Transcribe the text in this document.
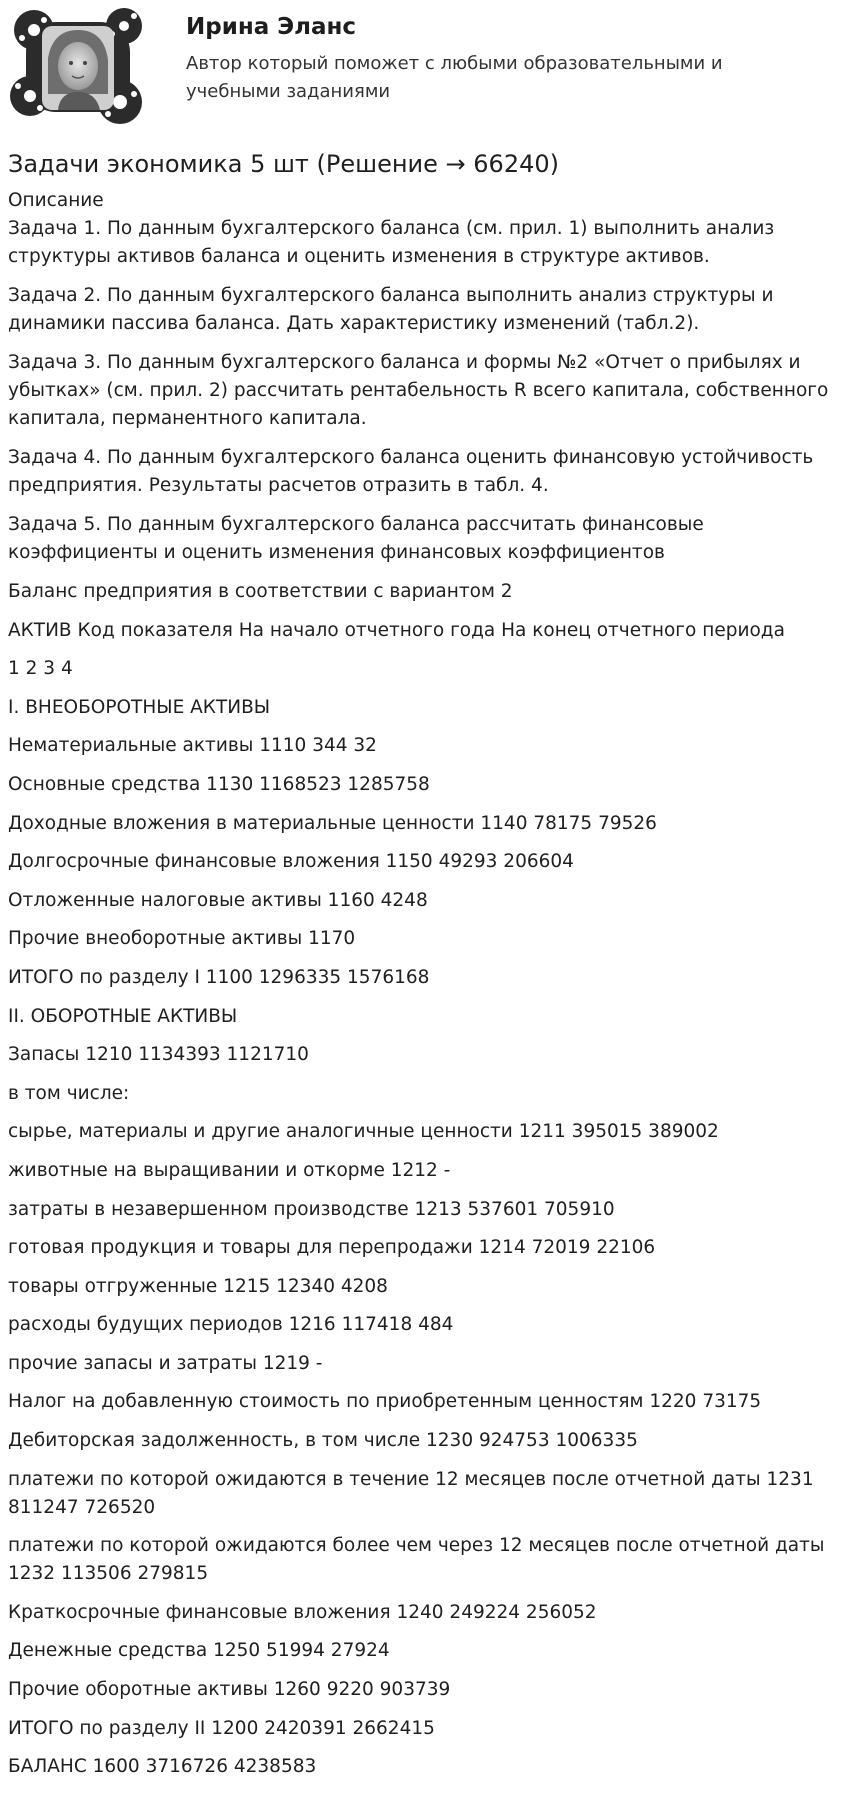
Ирина Эланс
Автор который поможет с любыми образовательными и учебными заданиями
Задачи экономика 5 шт (Решение → 66240)
Описание
Задача 1. По данным бухгалтерского баланса (см. прил. 1) выполнить анализ структуры активов баланса и оценить изменения в структуре активов.
Задача 2. По данным бухгалтерского баланса выполнить анализ структуры и динамики пассива баланса. Дать характеристику изменений (табл.2).
Задача 3. По данным бухгалтерского баланса и формы №2 «Отчет о прибылях и убытках» (см. прил. 2) рассчитать рентабельность R всего капитала, собственного капитала, перманентного капитала.
Задача 4. По данным бухгалтерского баланса оценить финансовую устойчивость предприятия. Результаты расчетов отразить в табл. 4.
Задача 5. По данным бухгалтерского баланса рассчитать финансовые коэффициенты и оценить изменения финансовых коэффициентов
Баланс предприятия в соответствии с вариантом 2
АКТИВ Код показателя На начало отчетного года На конец отчетного периода
1 2 3 4
I. ВНЕОБОРОТНЫЕ АКТИВЫ
Нематериальные активы 1110 344 32
Основные средства 1130 1168523 1285758
Доходные вложения в материальные ценности 1140 78175 79526
Долгосрочные финансовые вложения 1150 49293 206604
Отложенные налоговые активы 1160 4248
Прочие внеоборотные активы 1170
ИТОГО по разделу I 1100 1296335 1576168
II. ОБОРОТНЫЕ АКТИВЫ
Запасы 1210 1134393 1121710
в том числе:
сырье, материалы и другие аналогичные ценности 1211 395015 389002
животные на выращивании и откорме 1212 -
затраты в незавершенном производстве 1213 537601 705910
готовая продукция и товары для перепродажи 1214 72019 22106
товары отгруженные 1215 12340 4208
расходы будущих периодов 1216 117418 484
прочие запасы и затраты 1219 -
Налог на добавленную стоимость по приобретенным ценностям 1220 73175
Дебиторская задолженность, в том числе 1230 924753 1006335
платежи по которой ожидаются в течение 12 месяцев после отчетной даты 1231 811247 726520
платежи по которой ожидаются более чем через 12 месяцев после отчетной даты 1232 113506 279815
Краткосрочные финансовые вложения 1240 249224 256052
Денежные средства 1250 51994 27924
Прочие оборотные активы 1260 9220 903739
ИТОГО по разделу II 1200 2420391 2662415
БАЛАНС 1600 3716726 4238583
